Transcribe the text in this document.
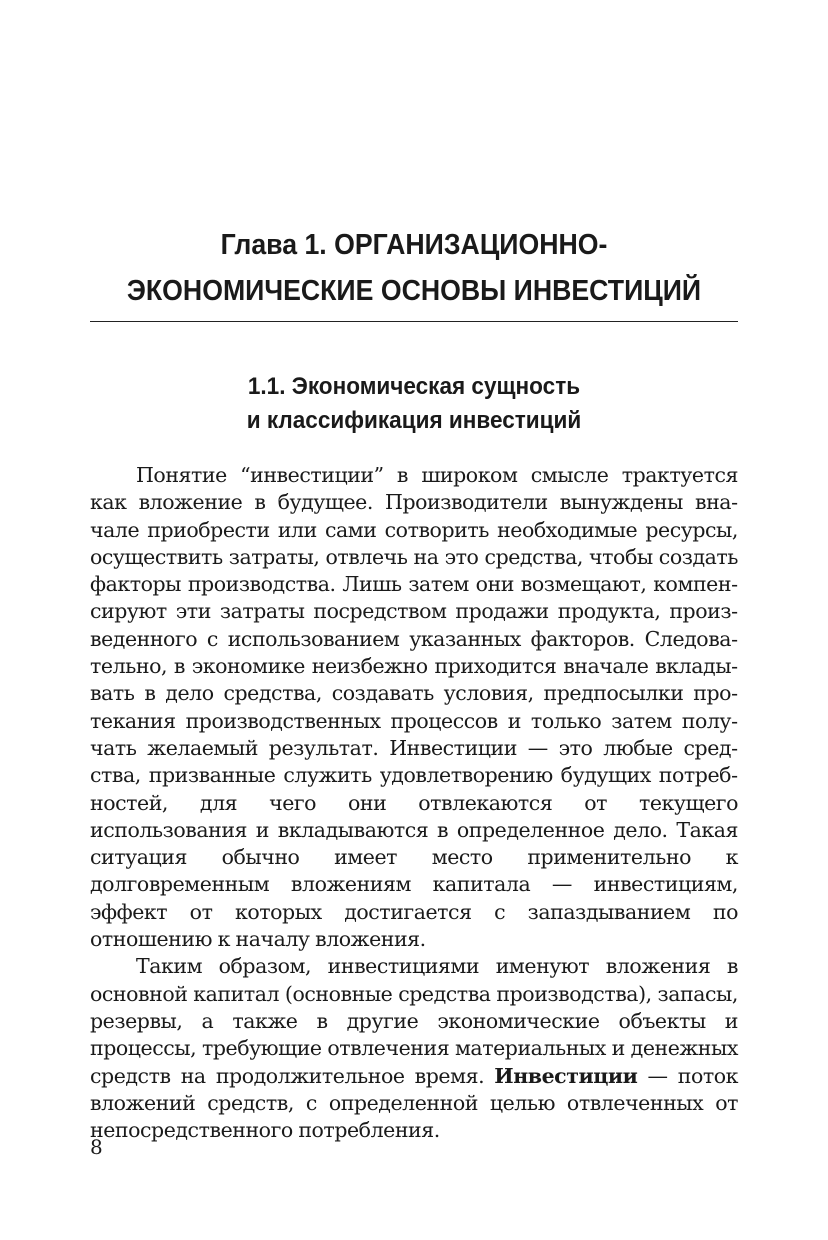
Глава 1. ОРГАНИЗАЦИОННО-
ЭКОНОМИЧЕСКИЕ ОСНОВЫ ИНВЕСТИЦИЙ
1.1. Экономическая сущность
и классификация инвестиций

Понятие “инвестиции” в широком смысле трактуется как вложение в будущее. Производители вынуждены вначале приобрести или сами сотворить необходимые ресурсы, осуществить затраты, отвлечь на это средства, чтобы создать факторы производства. Лишь затем они возмещают, компенсируют эти затраты посредством продажи продукта, произведенного с использованием указанных факторов. Следовательно, в экономике неизбежно приходится вначале вкладывать в дело средства, создавать условия, предпосылки протекания производственных процессов и только затем получать желаемый результат. Инвестиции — это любые средства, призванные служить удовлетворению будущих потребностей, для чего они отвлекаются от текущего использования и вкладываются в определенное дело. Такая ситуация обычно имеет место применительно к долговременным вложениям капитала — инвестициям, эффект от которых достигается с запаздыванием по отношению к началу вложения.

Таким образом, инвестициями именуют вложения в основной капитал (основные средства производства), запасы, резервы, а также в другие экономические объекты и процессы, требующие отвлечения материальных и денежных средств на продолжительное время. Инвестиции — поток вложений средств, с определенной целью отвлеченных от непосредственного потребления.

8
